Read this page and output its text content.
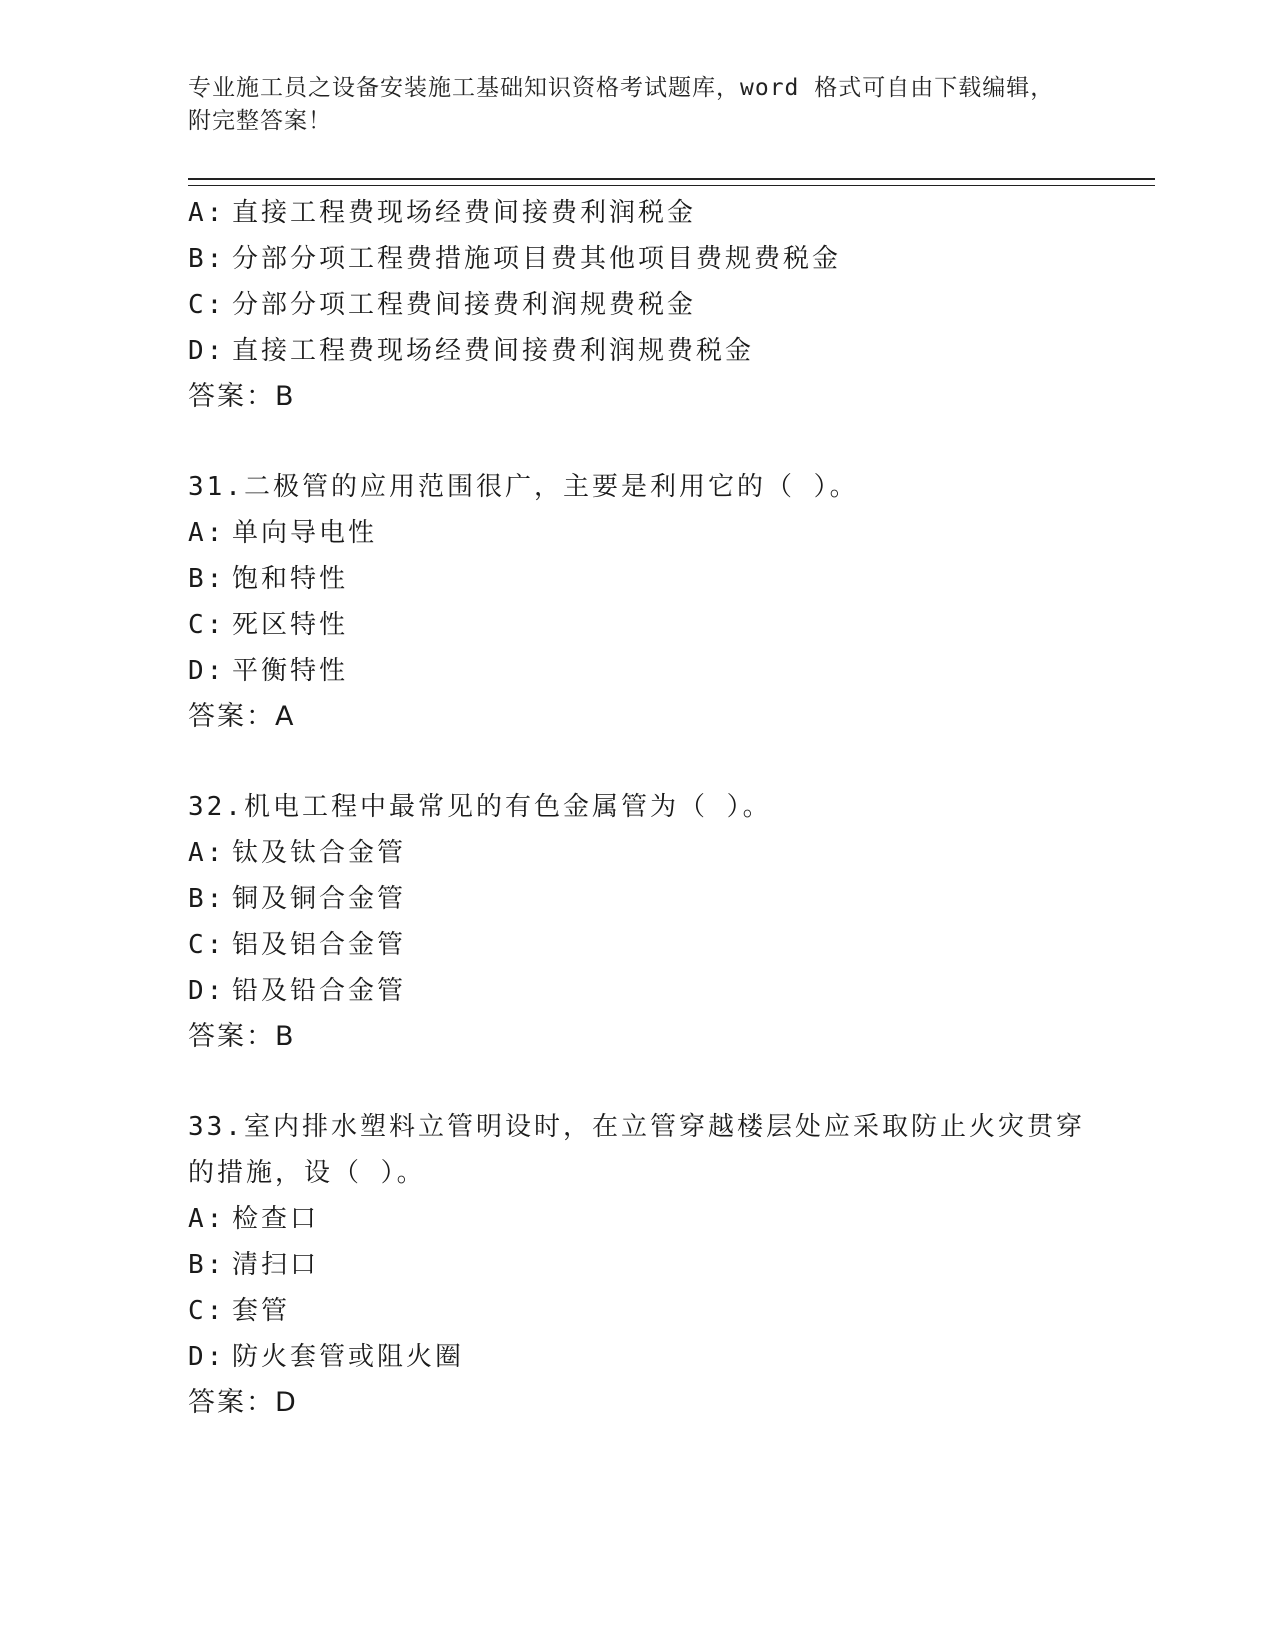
专业施工员之设备安装施工基础知识资格考试题库，word 格式可自由下载编辑，
附完整答案！
A: 直接工程费现场经费间接费利润税金
B: 分部分项工程费措施项目费其他项目费规费税金
C: 分部分项工程费间接费利润规费税金
D: 直接工程费现场经费间接费利润规费税金
答案：B
31.二极管的应用范围很广，主要是利用它的（ ）。
A: 单向导电性
B: 饱和特性
C: 死区特性
D: 平衡特性
答案：A
32.机电工程中最常见的有色金属管为（ ）。
A: 钛及钛合金管
B: 铜及铜合金管
C: 铝及铝合金管
D: 铅及铅合金管
答案：B
33.室内排水塑料立管明设时，在立管穿越楼层处应采取防止火灾贯穿
的措施，设（ ）。
A: 检查口
B: 清扫口
C: 套管
D: 防火套管或阻火圈
答案：D
